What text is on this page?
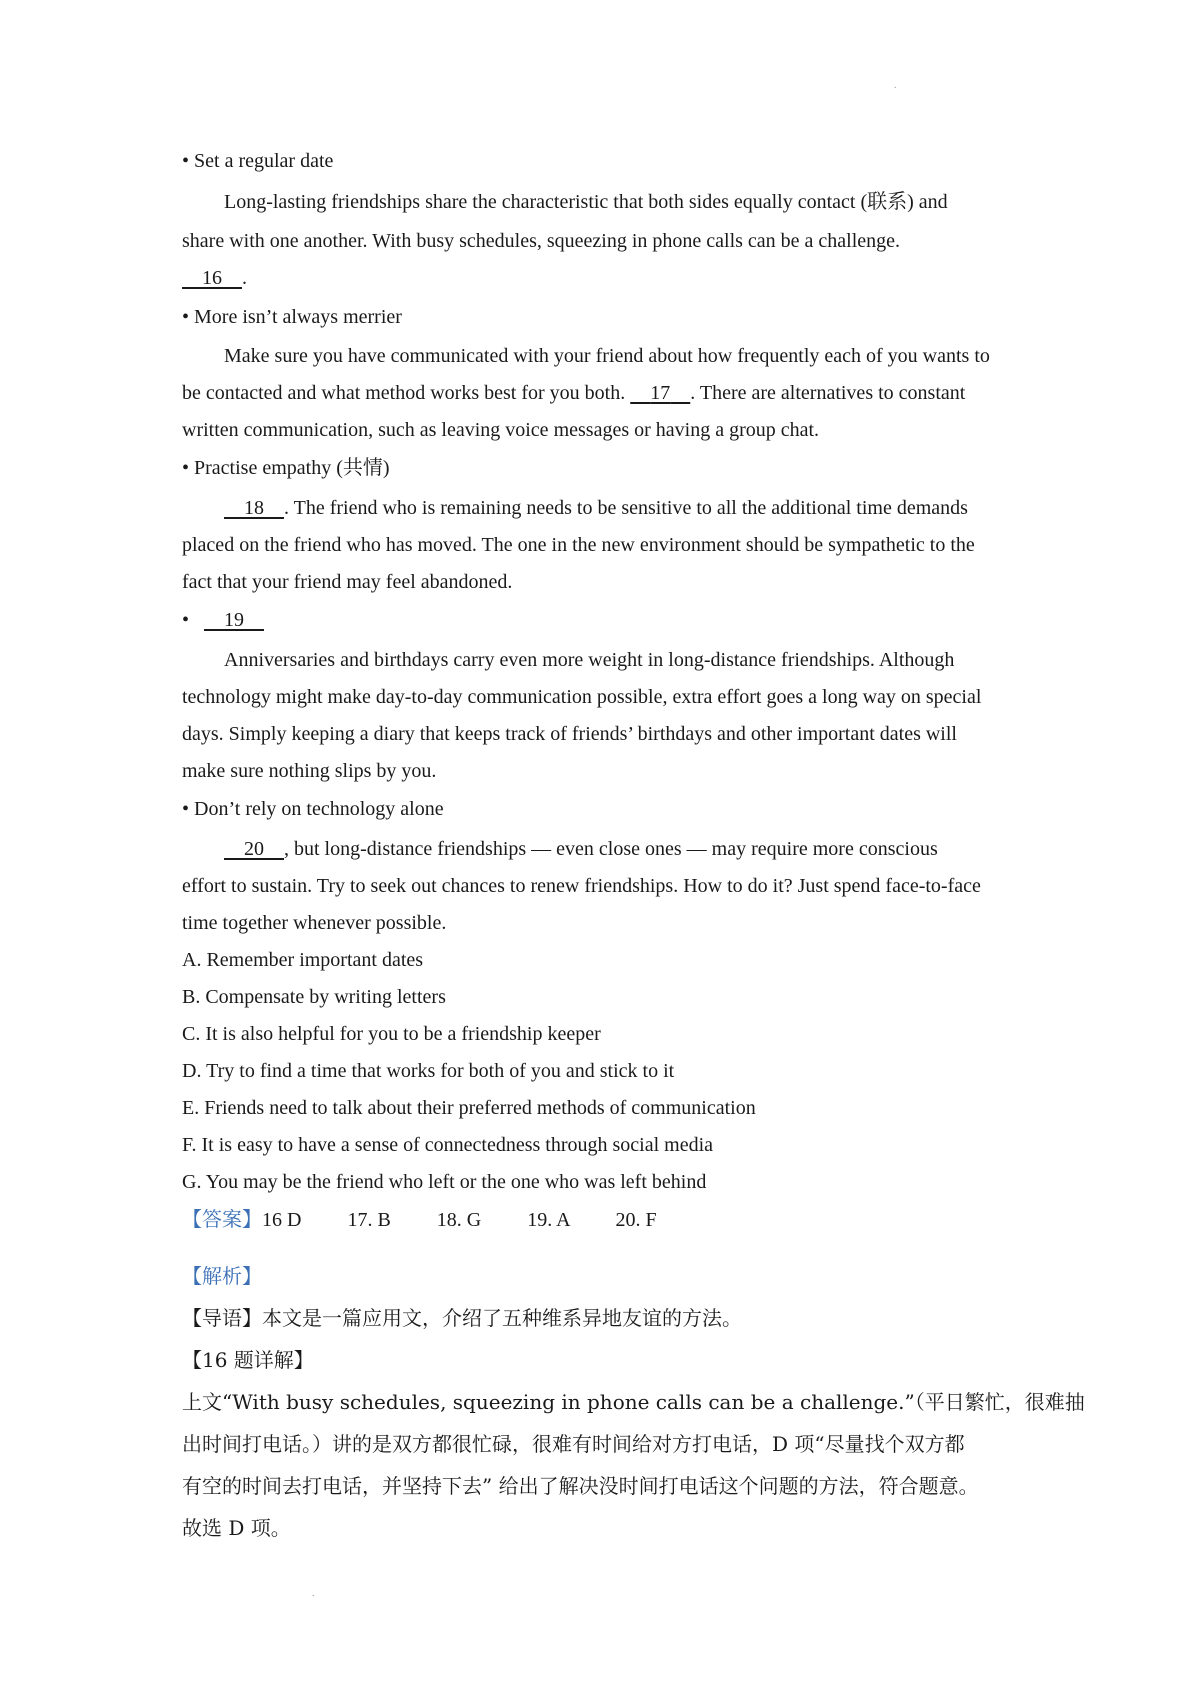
.
• Set a regular date
Long-lasting friendships share the characteristic that both sides equally contact (联系) and
share with one another. With busy schedules, squeezing in phone calls can be a challenge.
16 .
• More isn’t always merrier
Make sure you have communicated with your friend about how frequently each of you wants to
be contacted and what method works best for you both. 17 . There are alternatives to constant
written communication, such as leaving voice messages or having a group chat.
• Practise empathy (共情)
18 . The friend who is remaining needs to be sensitive to all the additional time demands
placed on the friend who has moved. The one in the new environment should be sympathetic to the
fact that your friend may feel abandoned.
• 19
Anniversaries and birthdays carry even more weight in long-distance friendships. Although
technology might make day-to-day communication possible, extra effort goes a long way on special
days. Simply keeping a diary that keeps track of friends’ birthdays and other important dates will
make sure nothing slips by you.
• Don’t rely on technology alone
20 , but long-distance friendships — even close ones — may require more conscious
effort to sustain. Try to seek out chances to renew friendships. How to do it? Just spend face-to-face
time together whenever possible.
A. Remember important dates
B. Compensate by writing letters
C. It is also helpful for you to be a friendship keeper
D. Try to find a time that works for both of you and stick to it
E. Friends need to talk about their preferred methods of communication
F. It is easy to have a sense of connectedness through social media
G. You may be the friend who left or the one who was left behind
【答案】16 D 17. B 18. G 19. A 20. F
【解析】
【导语】本文是一篇应用文，介绍了五种维系异地友谊的方法。
【16 题详解】
上文“With busy schedules, squeezing in phone calls can be a challenge.”（平日繁忙，很难抽
出时间打电话。）讲的是双方都很忙碌，很难有时间给对方打电话，D 项“尽量找个双方都
有空的时间去打电话，并坚持下去” 给出了解决没时间打电话这个问题的方法，符合题意。
故选 D 项。
.
